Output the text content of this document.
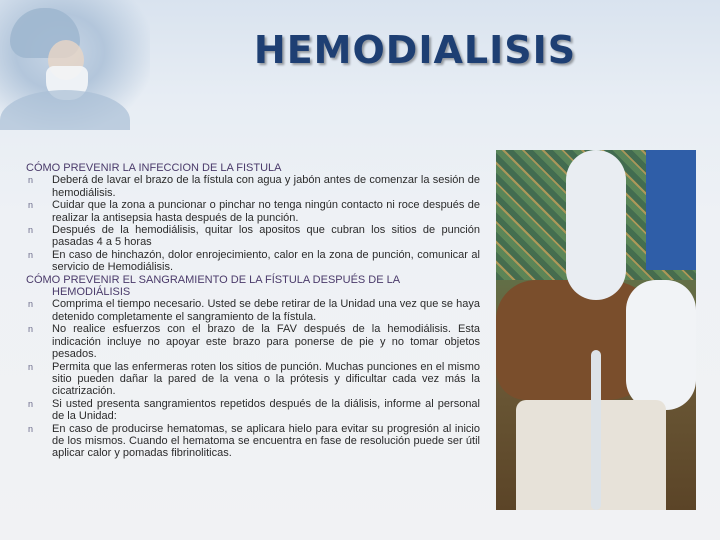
HEMODIALISIS

CÓMO PREVENIR LA INFECCION DE LA FISTULA

n	Deberá de lavar el brazo de la fístula con agua y jabón antes de comenzar la sesión de hemodiálisis.
n	Cuidar que la zona a puncionar o pinchar no tenga ningún contacto ni roce después de realizar la antisepsia hasta después de la punción.
n	Después de la hemodiálisis, quitar los apositos que cubran los sitios de punción pasadas 4 a 5 horas
n	En caso de hinchazón, dolor enrojecimiento, calor en la zona de punción, comunicar al servicio de Hemodiálisis.

CÓMO PREVENIR EL SANGRAMIENTO DE LA FÍSTULA DESPUÉS DE LA

HEMODIÁLISIS

n	Comprima el tiempo necesario. Usted se debe retirar de la Unidad una vez que se haya detenido completamente el sangramiento de la fístula.
n	No realice esfuerzos con el brazo de la FAV después de la hemodiálisis. Esta indicación incluye no apoyar este brazo para ponerse de pie y no tomar objetos pesados.
n	Permita que las enfermeras roten los sitios de punción. Muchas punciones en el mismo sitio pueden dañar la pared de la vena o la prótesis y dificultar cada vez más la cicatrización.
n	Si usted presenta sangramientos repetidos después de la diálisis, informe al personal de la Unidad:
n	En caso de producirse hematomas, se aplicara hielo para evitar su progresión al inicio de los mismos. Cuando el hematoma se encuentra en fase de resolución puede ser útil aplicar calor y pomadas fibrinoliticas.
